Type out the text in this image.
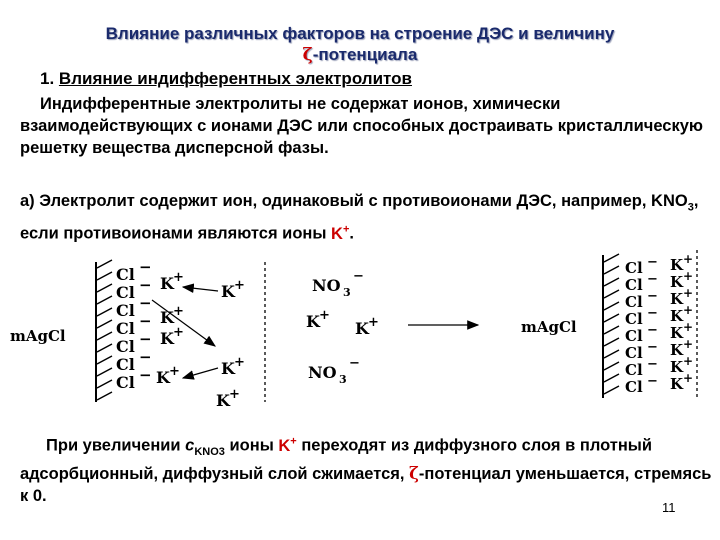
Влияние различных факторов на строение ДЭС и величину
ζ-потенциала
1. Влияние индифферентных электролитов
Индифферентные электролиты не содержат ионов, химически взаимодействующих с ионами ДЭС или способных достраивать кристаллическую решетку вещества дисперсной фазы.
а) Электролит содержит ион, одинаковый с противоионами ДЭС, например, $KNO_3$, если противоионами являются ионы K+.
mAgCl
Cl
Cl
Cl
Cl
Cl
Cl
Cl
−
−
−
−
−
−
−
K
K
K
K
+
+
+
+
K
K
K
+
+
+
NO 3
−
K +
K +
NO 3
−
mAgCl
Cl
Cl
Cl
Cl
Cl
Cl
Cl
Cl
−
−
−
−
−
−
−
−
K
K
K
K
K
K
K
K
+
+
+
+
+
+
+
+
При увеличении $с_{KNO3}$ ионы K+ переходят из диффузного слоя в плотный адсорбционный, диффузный слой сжимается, ζ-потенциал уменьшается, стремясь к 0.
11
